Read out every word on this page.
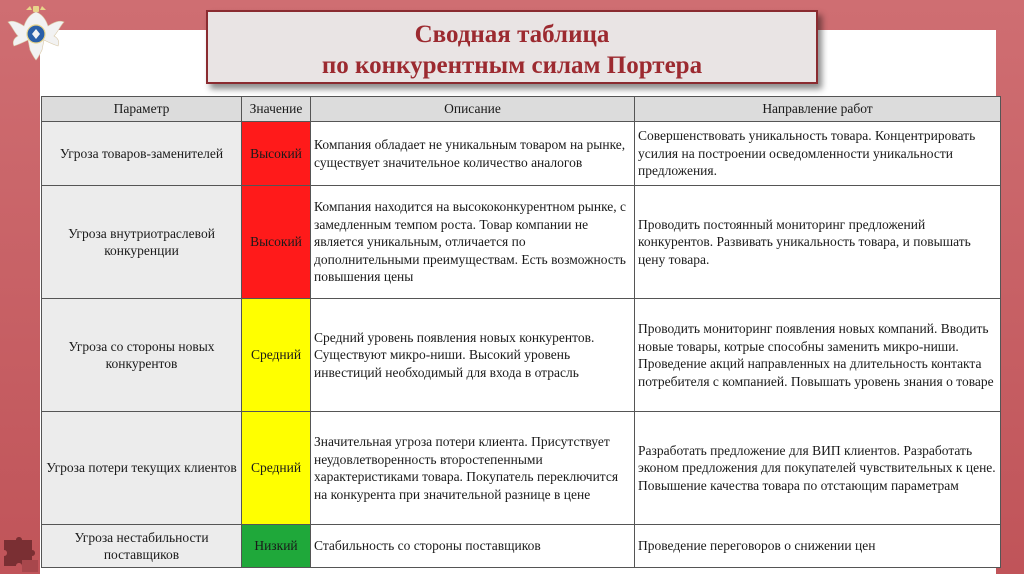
Сводная таблица
по конкурентным силам Портера
Параметр	Значение	Описание	Направление работ
Угроза товаров-заменителей	Высокий	Компания обладает не уникальным товаром на рынке, существует значительное количество аналогов	Совершенствовать уникальность товара. Концентрировать усилия на построении осведомленности уникальности предложения.
Угроза внутриотраслевой конкуренции	Высокий	Компания находится на высококонкурентном рынке, с замедленным темпом роста. Товар компании не является уникальным, отличается по дополнительными преимуществам. Есть возможность повышения цены	Проводить постоянный мониторинг предложений конкурентов. Развивать уникальность товара, и повышать цену товара.
Угроза со стороны новых конкурентов	Средний	Средний уровень появления новых конкурентов. Существуют микро-ниши. Высокий уровень инвестиций необходимый для входа в отрасль	Проводить мониторинг появления новых компаний. Вводить новые товары, котрые способны заменить микро-ниши. Проведение акций направленных на длительность контакта потребителя с компанией. Повышать уровень знания о товаре
Угроза потери текущих клиентов	Средний	Значительная угроза потери клиента. Присутствует неудовлетворенность второстепенными характеристиками товара. Покупатель переключится на конкурента при значительной разнице в цене	Разработать предложение для ВИП клиентов. Разработать эконом предложения для покупателей чувствительных к цене. Повышение качества товара по отстающим параметрам
Угроза нестабильности поставщиков	Низкий	Стабильность со стороны поставщиков	Проведение переговоров о снижении цен
